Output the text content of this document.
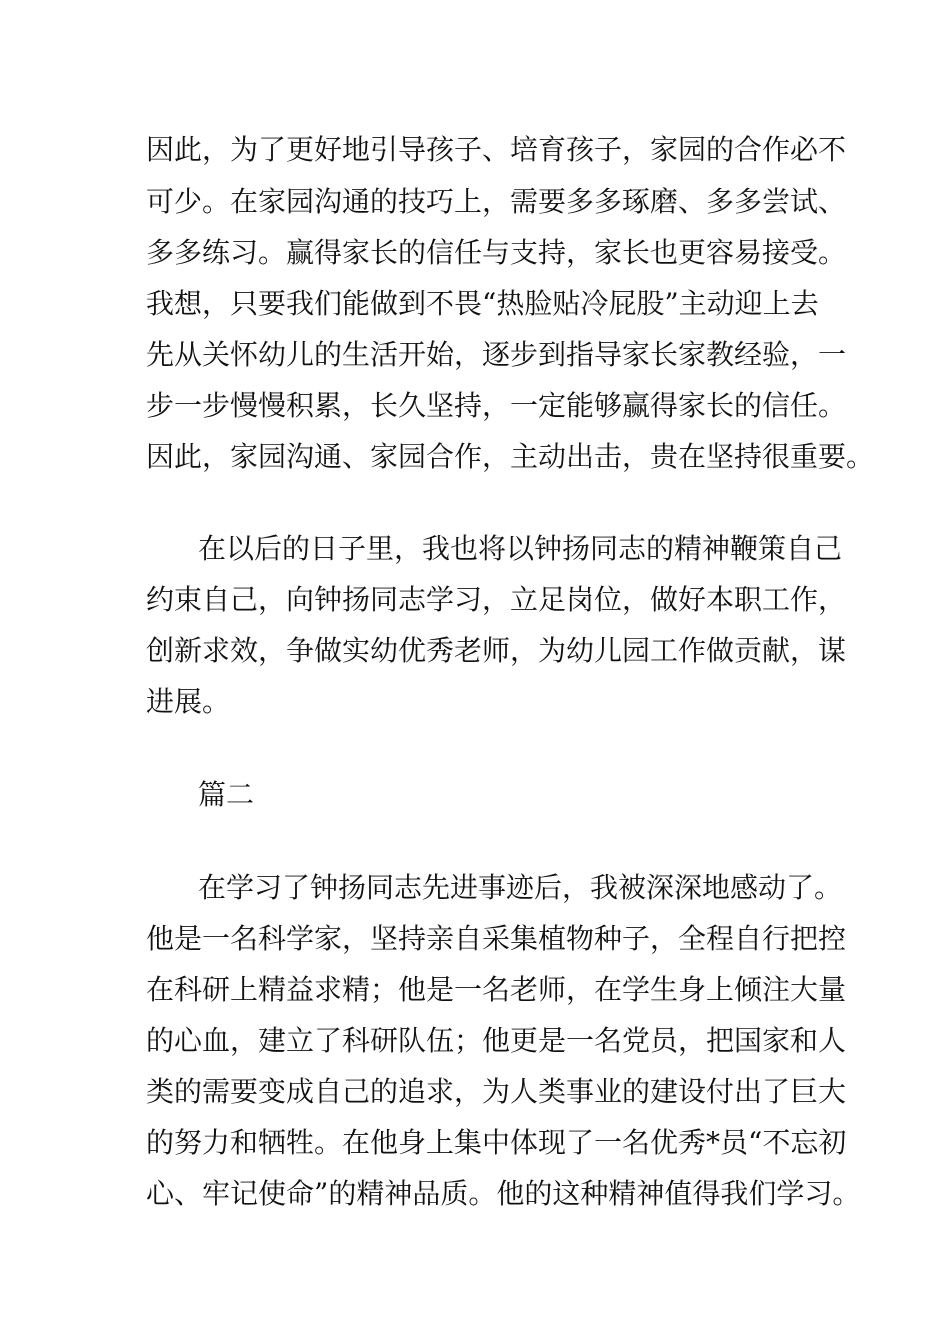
因此，为了更好地引导孩子、培育孩子，家园的合作必不
可少。在家园沟通的技巧上，需要多多琢磨、多多尝试、
多多练习。赢得家长的信任与支持，家长也更容易接受。
我想，只要我们能做到不畏“热脸贴冷屁股”主动迎上去
先从关怀幼儿的生活开始，逐步到指导家长家教经验，一
步一步慢慢积累，长久坚持，一定能够赢得家长的信任。
因此，家园沟通、家园合作，主动出击，贵在坚持很重要。
在以后的日子里，我也将以钟扬同志的精神鞭策自己
约束自己，向钟扬同志学习，立足岗位，做好本职工作，
创新求效，争做实幼优秀老师，为幼儿园工作做贡献，谋
进展。
篇二
在学习了钟扬同志先进事迹后，我被深深地感动了。
他是一名科学家，坚持亲自采集植物种子，全程自行把控
在科研上精益求精；他是一名老师，在学生身上倾注大量
的心血，建立了科研队伍；他更是一名党员，把国家和人
类的需要变成自己的追求，为人类事业的建设付出了巨大
的努力和牺牲。在他身上集中体现了一名优秀*员“不忘初
心、牢记使命”的精神品质。他的这种精神值得我们学习。
